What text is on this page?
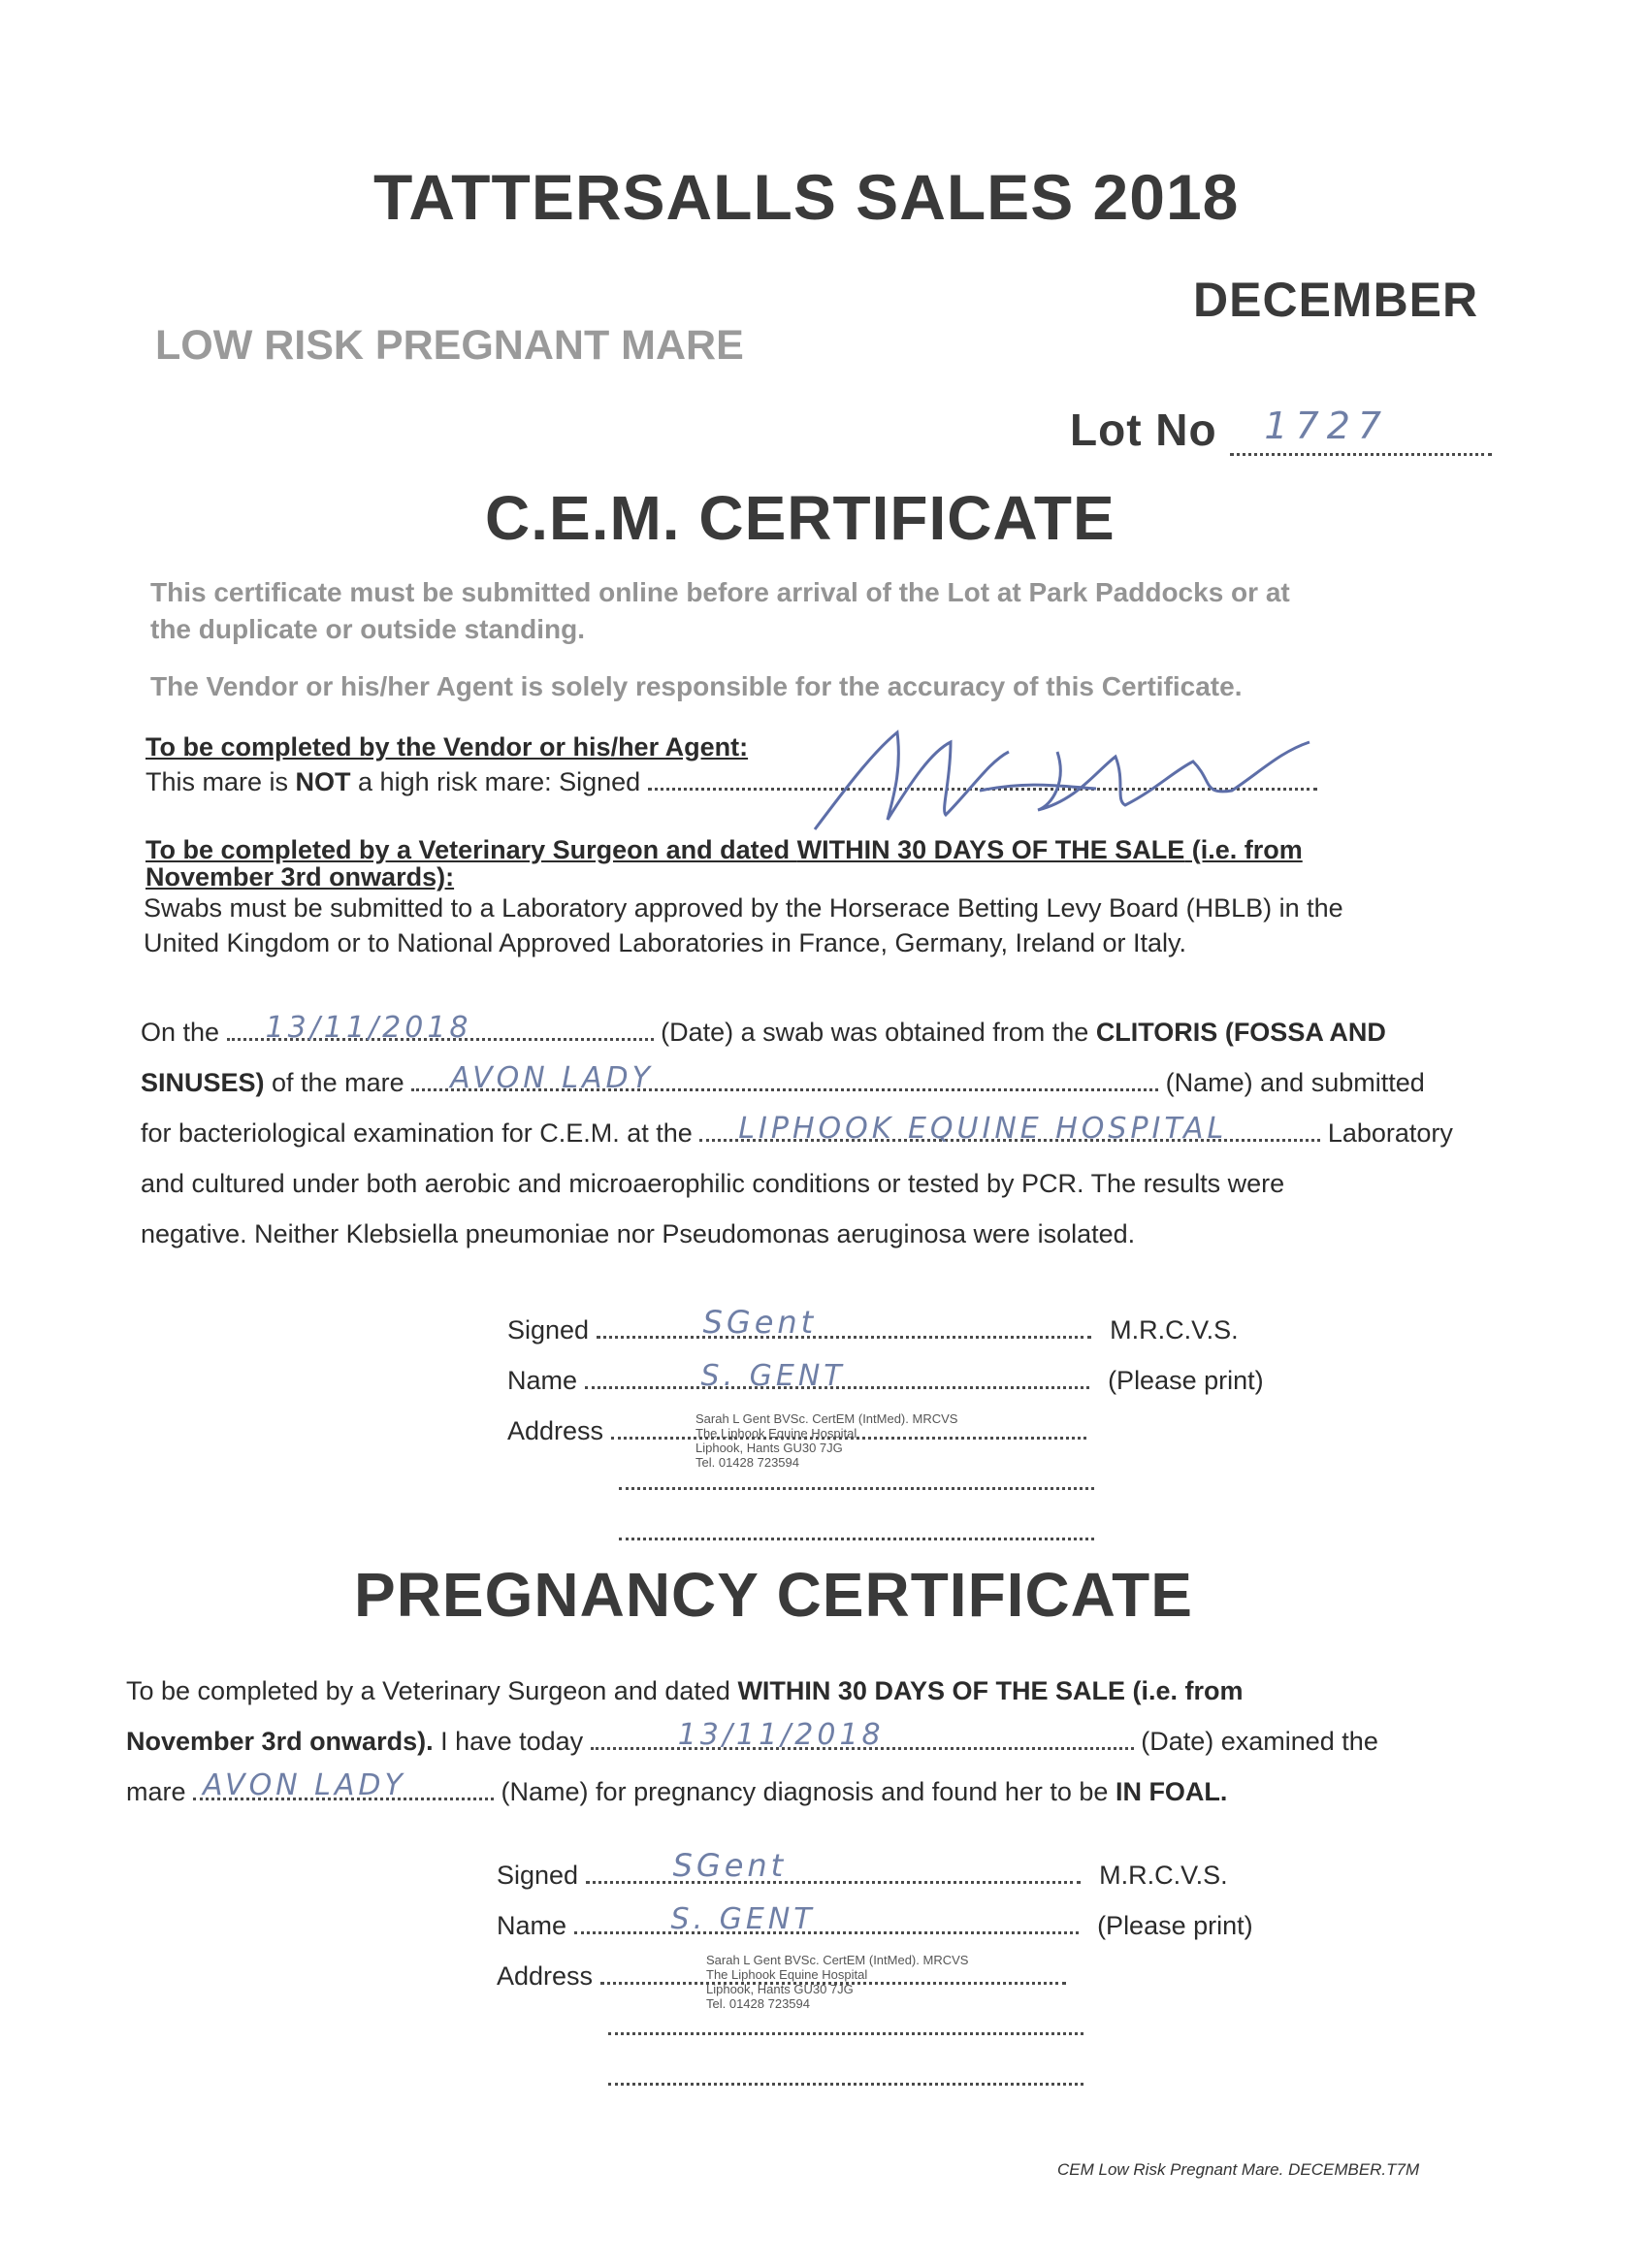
TATTERSALLS SALES 2018
DECEMBER
LOW RISK PREGNANT MARE
Lot No 1727
C.E.M. CERTIFICATE
This certificate must be submitted online before arrival of the Lot at Park Paddocks or at
the duplicate or outside standing.
The Vendor or his/her Agent is solely responsible for the accuracy of this Certificate.
To be completed by the Vendor or his/her Agent:
This mare is NOT a high risk mare: Signed
To be completed by a Veterinary Surgeon and dated WITHIN 30 DAYS OF THE SALE (i.e. from
November 3rd onwards):
Swabs must be submitted to a Laboratory approved by the Horserace Betting Levy Board (HBLB) in the
United Kingdom or to National Approved Laboratories in France, Germany, Ireland or Italy.
On the 13/11/2018	(Date) a swab was obtained from the CLITORIS (FOSSA AND
SINUSES) of the mare AVON LADY	(Name) and submitted
for bacteriological examination for C.E.M. at the LIPHOOK EQUINE HOSPITAL	Laboratory
and cultured under both aerobic and microaerophilic conditions or tested by PCR. The results were
negative. Neither Klebsiella pneumoniae nor Pseudomonas aeruginosa were isolated.
Signed	SGent	M.R.C.V.S.
Name	S. GENT	(Please print)
Address	Sarah L Gent BVSc. CertEM (IntMed). MRCVS
The Liphook Equine Hospital
Liphook, Hants GU30 7JG
Tel. 01428 723594
PREGNANCY CERTIFICATE
To be completed by a Veterinary Surgeon and dated WITHIN 30 DAYS OF THE SALE (i.e. from
November 3rd onwards). I have today	13/11/2018	(Date) examined the
mare AVON LADY	(Name) for pregnancy diagnosis and found her to be IN FOAL.
Signed	SGent	M.R.C.V.S.
Name	S. GENT	(Please print)
Address
Sarah L Gent BVSc. CertEM (IntMed). MRCVS
The Liphook Equine Hospital
Liphook, Hants GU30 7JG
Tel. 01428 723594
CEM Low Risk Pregnant Mare. DECEMBER.T7M
